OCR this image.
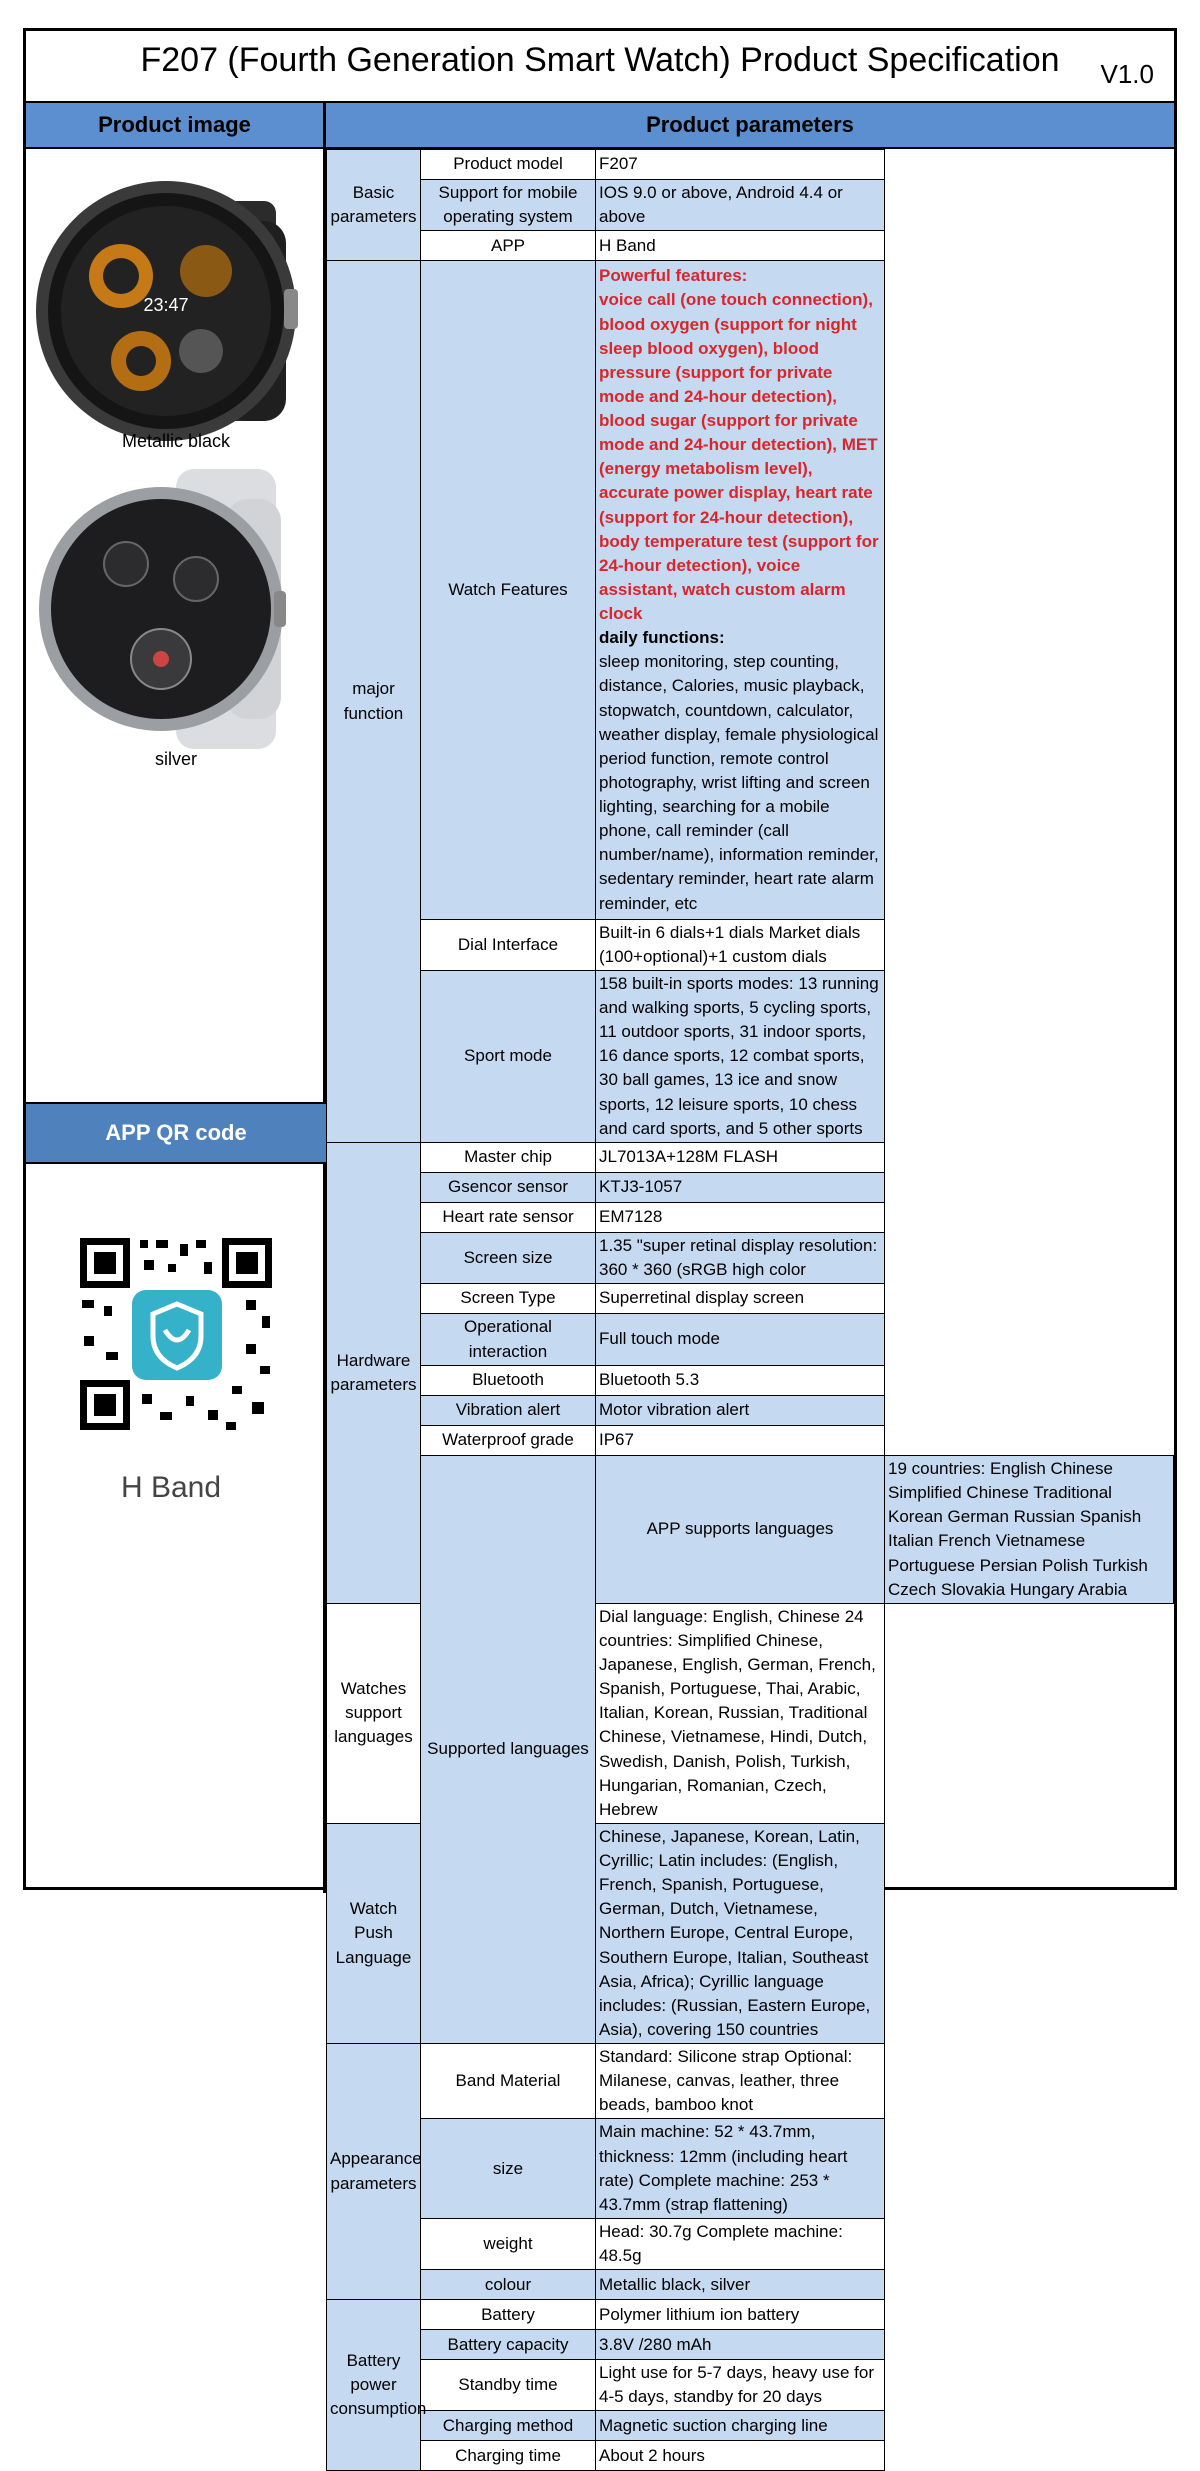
F207 (Fourth Generation Smart Watch) Product Specification	V1.0
Product image	Product parameters
23:47
Metallic black
silver
APP QR code
H Band
Basic parameters	Product model	F207	
	Support for mobile operating system	IOS 9.0 or above, Android 4.4 or above	
	APP	H Band	
major function	Watch Features	Powerful features:
voice call (one touch connection), blood oxygen (support for night sleep blood oxygen), blood pressure (support for private mode and 24-hour detection), blood sugar (support for private mode and 24-hour detection), MET (energy metabolism level), accurate power display, heart rate (support for 24-hour detection), body temperature test (support for 24-hour detection), voice assistant, watch custom alarm clock
daily functions:
sleep monitoring, step counting, distance, Calories, music playback, stopwatch, countdown, calculator, weather display, female physiological period function, remote control photography, wrist lifting and screen lighting, searching for a mobile phone, call reminder (call number/name), information reminder, sedentary reminder, heart rate alarm reminder, etc	
	Dial Interface	Built-in 6 dials+1 dials Market dials (100+optional)+1 custom dials	
	Sport mode	158 built-in sports modes: 13 running and walking sports, 5 cycling sports, 11 outdoor sports, 31 indoor sports, 16 dance sports, 12 combat sports, 30 ball games, 13 ice and snow sports, 12 leisure sports, 10 chess and card sports, and 5 other sports	
Hardware parameters	Master chip	JL7013A+128M FLASH	
	Gsencor sensor	KTJ3-1057	
	Heart rate sensor	EM7128	
	Screen size	1.35 "super retinal display resolution: 360 * 360 (sRGB high color	
	Screen Type	Superretinal display screen	
	Operational interaction	Full touch mode	
	Bluetooth	Bluetooth 5.3	
	Vibration alert	Motor vibration alert	
	Waterproof grade	IP67	
	Supported languages	APP supports languages	19 countries: English Chinese Simplified Chinese Traditional Korean German Russian Spanish Italian French Vietnamese Portuguese Persian Polish Turkish Czech Slovakia Hungary Arabia
Watches support languages		Dial language: English, Chinese 24 countries: Simplified Chinese, Japanese, English, German, French, Spanish, Portuguese, Thai, Arabic, Italian, Korean, Russian, Traditional Chinese, Vietnamese, Hindi, Dutch, Swedish, Danish, Polish, Turkish, Hungarian, Romanian, Czech, Hebrew	
Watch Push Language		Chinese, Japanese, Korean, Latin, Cyrillic; Latin includes: (English, French, Spanish, Portuguese, German, Dutch, Vietnamese, Northern Europe, Central Europe, Southern Europe, Italian, Southeast Asia, Africa); Cyrillic language includes: (Russian, Eastern Europe, Asia), covering 150 countries	
Appearance parameters	Band Material	Standard: Silicone strap Optional: Milanese, canvas, leather, three beads, bamboo knot	
	size	Main machine: 52 * 43.7mm, thickness: 12mm (including heart rate) Complete machine: 253 * 43.7mm (strap flattening)	
	weight	Head: 30.7g Complete machine: 48.5g	
	colour	Metallic black, silver	
Battery power consumption	Battery	Polymer lithium ion battery	
	Battery capacity	3.8V /280 mAh	
	Standby time	Light use for 5-7 days, heavy use for 4-5 days, standby for 20 days	
	Charging method	Magnetic suction charging line	
	Charging time	About 2 hours	
